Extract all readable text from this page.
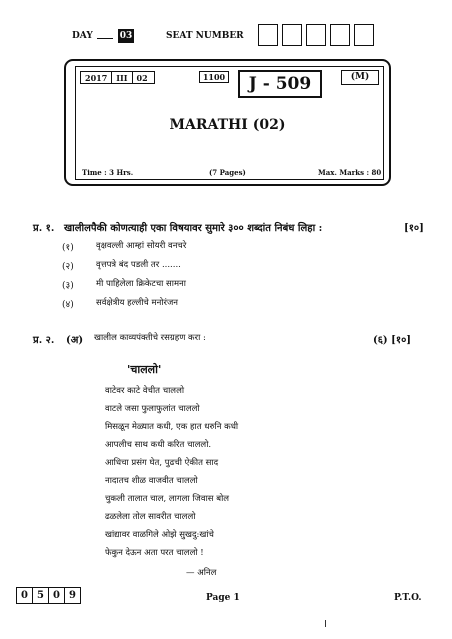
DAY	03	SEAT NUMBER
2017	III	02	1100	J - 509	(M)
MARATHI (02)
Time : 3 Hrs.	(7 Pages)	Max. Marks : 80
प्र. १. खालीलपैकी कोणत्याही एका विषयावर सुमारे ३०० शब्दांत निबंध लिहा :	[१०]
(१)	वृक्षवल्ली आम्हां सोयरी वनचरे
(२)	वृत्तपत्रे बंद पडली तर .......
(३)	मी पाहिलेला क्रिकेटचा सामना
(४)	सर्वक्षेत्रीय हल्लीचे मनोरंजन
प्र. २. (अ) खालील काव्यपंक्तीचे रसग्रहण करा :	(६) [१०]
'चाललो'
वाटेवर काटे वेचीत चाललो
वाटले जसा फुलाफुलांत चाललो
मिसळून मेळ्यात कधी, एक हात धरुनि कधी
आपलीच साथ कधी करित चाललो.
आधिचा प्रसंग घेत, पुढची ऐकीत साद
नादातच शीळ वाजवीत चाललो
चुकली तालात चाल, लागला जिवास बोल
ढळलेला तोल सावरीत चाललो
खांद्यावर वाळगिले ओझे सुखदु:खांचे
फेकुन देऊन अता परत चाललो !
— अनिल
0 5 0 9	Page 1	P.T.O.
